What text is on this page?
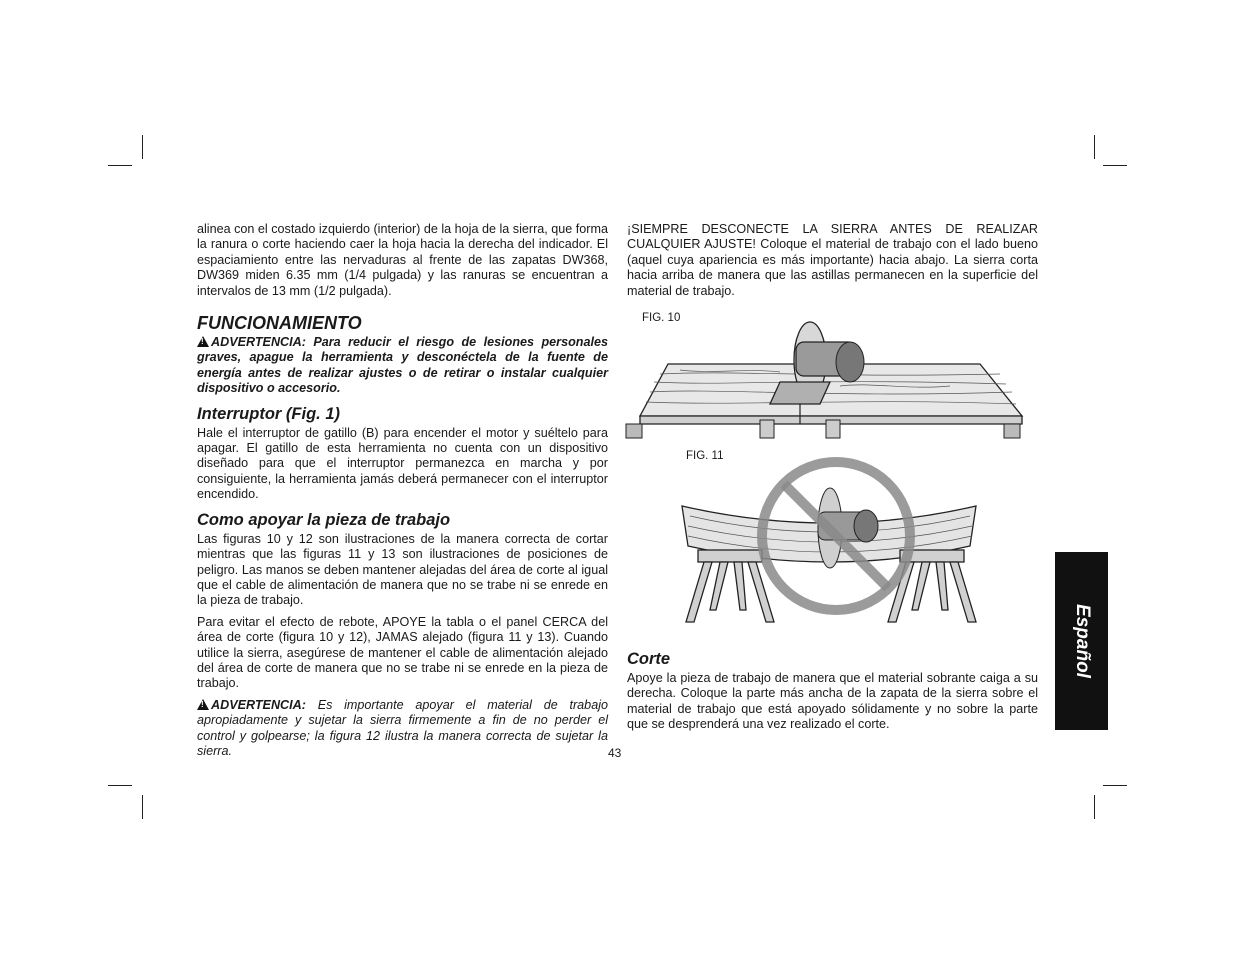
alinea con el costado izquierdo (interior) de la hoja de la sierra, que forma la ranura o corte haciendo caer la hoja hacia la derecha del indicador. El espaciamiento entre las nervaduras al frente de las zapatas DW368, DW369 miden 6.35 mm (1/4 pulgada) y las ranuras se encuentran a intervalos de 13 mm (1/2 pulgada).

FUNCIONAMIENTO

!ADVERTENCIA: Para reducir el riesgo de lesiones personales graves, apague la herramienta y desconéctela de la fuente de energía antes de realizar ajustes o de retirar o instalar cualquier dispositivo o accesorio.

Interruptor (Fig. 1)

Hale el interruptor de gatillo (B) para encender el motor y suéltelo para apagar. El gatillo de esta herramienta no cuenta con un dispositivo diseñado para que el interruptor permanezca en marcha y por consiguiente, la herramienta jamás deberá permanecer con el interruptor encendido.

Como apoyar la pieza de trabajo

Las figuras 10 y 12 son ilustraciones de la manera correcta de cortar mientras que las figuras 11 y 13 son ilustraciones de posiciones de peligro. Las manos se deben mantener alejadas del área de corte al igual que el cable de alimentación de manera que no se trabe ni se enrede en la pieza de trabajo.

Para evitar el efecto de rebote, APOYE la tabla o el panel CERCA del área de corte (figura 10 y 12), JAMAS alejado (figura 11 y 13). Cuando utilice la sierra, asegúrese de mantener el cable de alimentación alejado del área de corte de manera que no se trabe ni se enrede en la pieza de trabajo.

!ADVERTENCIA: Es importante apoyar el material de trabajo apropiadamente y sujetar la sierra firmemente a fin de no perder el control y golpearse; la figura 12 ilustra la manera correcta de sujetar la sierra.

¡SIEMPRE DESCONECTE LA SIERRA ANTES DE REALIZAR CUALQUIER AJUSTE! Coloque el material de trabajo con el lado bueno (aquel cuya apariencia es más importante) hacia abajo. La sierra corta hacia arriba de manera que las astillas permanecen en la superficie del material de trabajo.

FIG. 10
FIG. 11
Corte

Apoye la pieza de trabajo de manera que el material sobrante caiga a su derecha. Coloque la parte más ancha de la zapata de la sierra sobre el material de trabajo que está apoyado sólidamente y no sobre la parte que se desprenderá una vez realizado el corte.

Español
43
